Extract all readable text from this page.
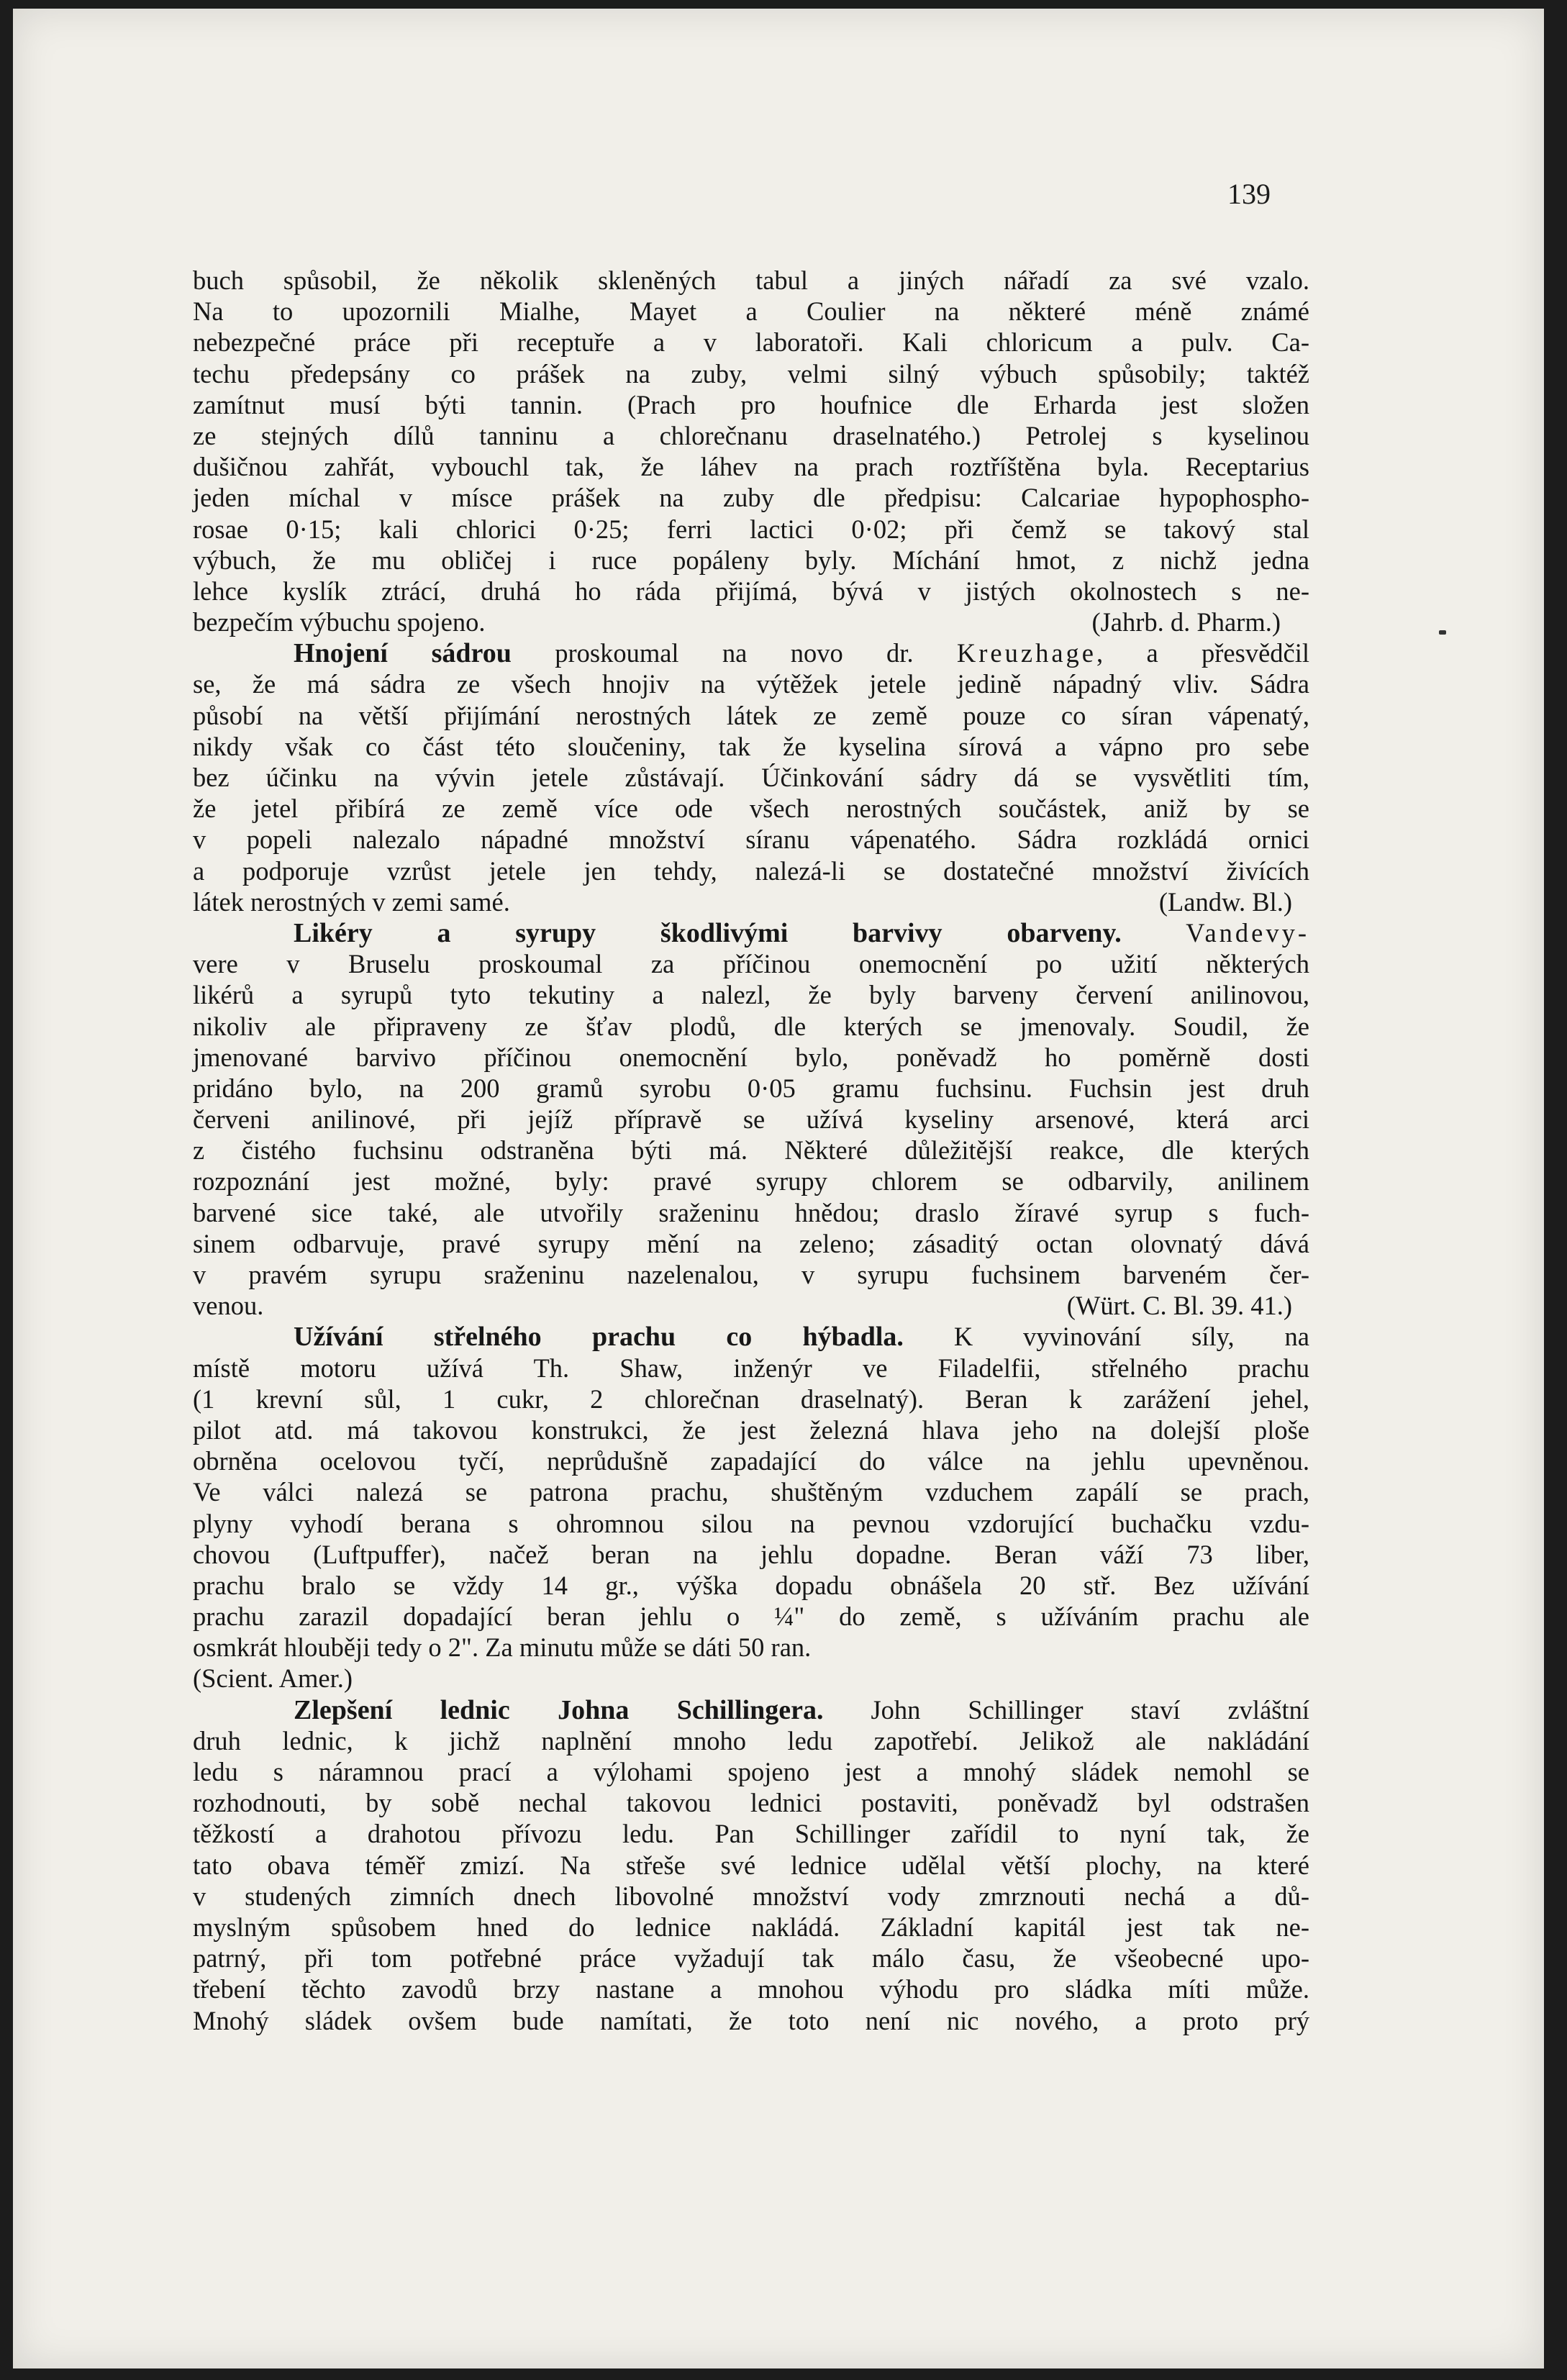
139
buch spůsobil, že několik skleněných tabul a jiných nářadí za své vzalo.
Na to upozornili Mialhe, Mayet a Coulier na některé méně známé
nebezpečné práce při receptuře a v laboratoři. Kali chloricum a pulv. Ca-
techu předepsány co prášek na zuby, velmi silný výbuch spůsobily; taktéž
zamítnut musí býti tannin. (Prach pro houfnice dle Erharda jest složen
ze stejných dílů tanninu a chlorečnanu draselnatého.) Petrolej s kyselinou
dušičnou zahřát, vybouchl tak, že láhev na prach roztříštěna byla. Receptarius
jeden míchal v mísce prášek na zuby dle předpisu: Calcariae hypophospho-
rosae 0·15; kali chlorici 0·25; ferri lactici 0·02; při čemž se takový stal
výbuch, že mu obličej i ruce popáleny byly. Míchání hmot, z nichž jedna
lehce kyslík ztrácí, druhá ho ráda přijímá, bývá v jistých okolnostech s ne-
bezpečím výbuchu spojeno.	(Jahrb. d. Pharm.)
Hnojení sádrou proskoumal na novo dr. Kreuzhage, a přesvědčil
se, že má sádra ze všech hnojiv na výtěžek jetele jedině nápadný vliv. Sádra
působí na větší přijímání nerostných látek ze země pouze co síran vápenatý,
nikdy však co část této sloučeniny, tak že kyselina sírová a vápno pro sebe
bez účinku na vývin jetele zůstávají. Účinkování sádry dá se vysvětliti tím,
že jetel přibírá ze země více ode všech nerostných součástek, aniž by se
v popeli nalezalo nápadné množství síranu vápenatého. Sádra rozkládá ornici
a podporuje vzrůst jetele jen tehdy, nalezá-li se dostatečné množství živících
látek nerostných v zemi samé.	(Landw. Bl.)
Likéry a syrupy škodlivými barvivy obarveny. Vandevy-
vere v Bruselu proskoumal za příčinou onemocnění po užití některých
likérů a syrupů tyto tekutiny a nalezl, že byly barveny červení anilinovou,
nikoliv ale připraveny ze šťav plodů, dle kterých se jmenovaly. Soudil, že
jmenované barvivo příčinou onemocnění bylo, poněvadž ho poměrně dosti
pridáno bylo, na 200 gramů syrobu 0·05 gramu fuchsinu. Fuchsin jest druh
červeni anilinové, při jejíž přípravě se užívá kyseliny arsenové, která arci
z čistého fuchsinu odstraněna býti má. Některé důležitější reakce, dle kterých
rozpoznání jest možné, byly: pravé syrupy chlorem se odbarvily, anilinem
barvené sice také, ale utvořily sraženinu hnědou; draslo žíravé syrup s fuch-
sinem odbarvuje, pravé syrupy mění na zeleno; zásaditý octan olovnatý dává
v pravém syrupu sraženinu nazelenalou, v syrupu fuchsinem barveném čer-
venou.	(Würt. C. Bl. 39. 41.)
Užívání střelného prachu co hýbadla. K vyvinování síly, na
místě motoru užívá Th. Shaw, inženýr ve Filadelfii, střelného prachu
(1 krevní sůl, 1 cukr, 2 chlorečnan draselnatý). Beran k zarážení jehel,
pilot atd. má takovou konstrukci, že jest železná hlava jeho na dolejší ploše
obrněna ocelovou tyčí, neprůdušně zapadající do válce na jehlu upevněnou.
Ve válci nalezá se patrona prachu, shuštěným vzduchem zapálí se prach,
plyny vyhodí berana s ohromnou silou na pevnou vzdorující buchačku vzdu-
chovou (Luftpuffer), načež beran na jehlu dopadne. Beran váží 73 liber,
prachu bralo se vždy 14 gr., výška dopadu obnášela 20 stř. Bez užívání
prachu zarazil dopadající beran jehlu o ¼" do země, s užíváním prachu ale
osmkrát hlouběji tedy o 2". Za minutu může se dáti 50 ran.
(Scient. Amer.)
Zlepšení lednic Johna Schillingera. John Schillinger staví zvláštní
druh lednic, k jichž naplnění mnoho ledu zapotřebí. Jelikož ale nakládání
ledu s náramnou prací a výlohami spojeno jest a mnohý sládek nemohl se
rozhodnouti, by sobě nechal takovou lednici postaviti, poněvadž byl odstrašen
těžkostí a drahotou přívozu ledu. Pan Schillinger zařídil to nyní tak, že
tato obava téměř zmizí. Na střeše své lednice udělal větší plochy, na které
v studených zimních dnech libovolné množství vody zmrznouti nechá a dů-
myslným spůsobem hned do lednice nakládá. Základní kapitál jest tak ne-
patrný, při tom potřebné práce vyžadují tak málo času, že všeobecné upo-
třebení těchto zavodů brzy nastane a mnohou výhodu pro sládka míti může.
Mnohý sládek ovšem bude namítati, že toto není nic nového, a proto prý
